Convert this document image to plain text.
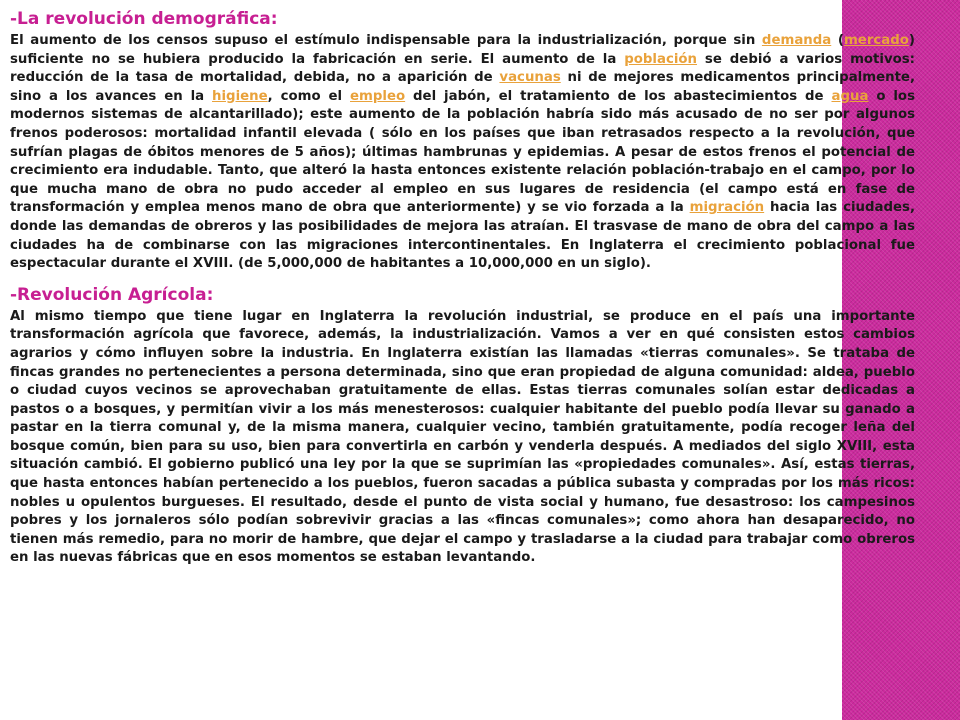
-La revolución demográfica:

El aumento de los censos supuso el estímulo indispensable para la industrialización, porque sin demanda (mercado) suficiente no se hubiera producido la fabricación en serie. El aumento de la población se debió a varios motivos: reducción de la tasa de mortalidad, debida, no a aparición de vacunas ni de mejores medicamentos principalmente, sino a los avances en la higiene, como el empleo del jabón, el tratamiento de los abastecimientos de agua o los modernos sistemas de alcantarillado); este aumento de la población habría sido más acusado de no ser por algunos frenos poderosos: mortalidad infantil elevada ( sólo en los países que iban retrasados respecto a la revolución, que sufrían plagas de óbitos menores de 5 años); últimas hambrunas y epidemias. A pesar de estos frenos el potencial de crecimiento era indudable. Tanto, que alteró la hasta entonces existente relación población-trabajo en el campo, por lo que mucha mano de obra no pudo acceder al empleo en sus lugares de residencia (el campo está en fase de transformación y emplea menos mano de obra que anteriormente) y se vio forzada a la migración hacia las ciudades, donde las demandas de obreros y las posibilidades de mejora las atraían. El trasvase de mano de obra del campo a las ciudades ha de combinarse con las migraciones intercontinentales. En Inglaterra el crecimiento poblacional fue espectacular durante el XVIII. (de 5,000,000 de habitantes a 10,000,000 en un siglo).

-Revolución Agrícola:

Al mismo tiempo que tiene lugar en Inglaterra la revolución industrial, se produce en el país una importante transformación agrícola que favorece, además, la industrialización. Vamos a ver en qué consisten estos cambios agrarios y cómo influyen sobre la industria. En Inglaterra existían las llamadas «tierras comunales». Se trataba de fincas grandes no pertenecientes a persona determinada, sino que eran propiedad de alguna comunidad: aldea, pueblo o ciudad cuyos vecinos se aprovechaban gratuitamente de ellas. Estas tierras comunales solían estar dedicadas a pastos o a bosques, y permitían vivir a los más menesterosos: cualquier habitante del pueblo podía llevar su ganado a pastar en la tierra comunal y, de la misma manera, cualquier vecino, también gratuitamente, podía recoger leña del bosque común, bien para su uso, bien para convertirla en carbón y venderla después. A mediados del siglo XVIII, esta situación cambió. El gobierno publicó una ley por la que se suprimían las «propiedades comunales». Así, estas tierras, que hasta entonces habían pertenecido a los pueblos, fueron sacadas a pública subasta y compradas por los más ricos: nobles u opulentos burgueses. El resultado, desde el punto de vista social y humano, fue desastroso: los campesinos pobres y los jornaleros sólo podían sobrevivir gracias a las «fincas comunales»; como ahora han desaparecido, no tienen más remedio, para no morir de hambre, que dejar el campo y trasladarse a la ciudad para trabajar como obreros en las nuevas fábricas que en esos momentos se estaban levantando.
